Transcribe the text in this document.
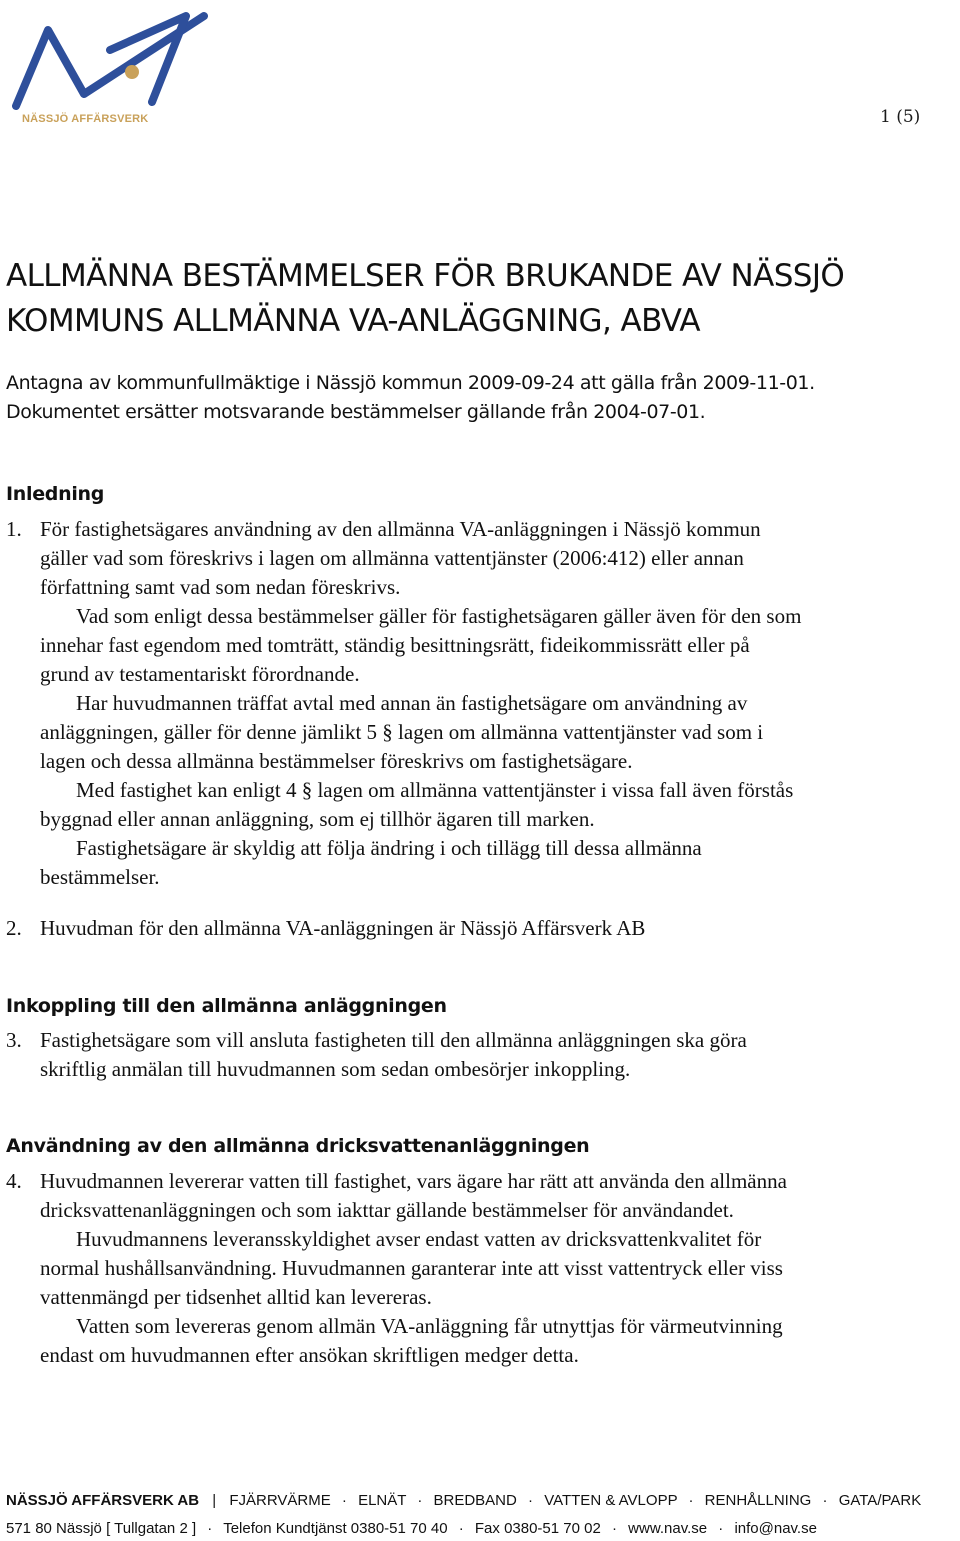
NÄSSJÖ AFFÄRSVERK	1 (5)
ALLMÄNNA BESTÄMMELSER FÖR BRUKANDE AV NÄSSJÖ
KOMMUNS ALLMÄNNA VA-ANLÄGGNING, ABVA
Antagna av kommunfullmäktige i Nässjö kommun 2009-09-24 att gälla från 2009-11-01.
Dokumentet ersätter motsvarande bestämmelser gällande från 2004-07-01.
Inledning
1. För fastighetsägares användning av den allmänna VA-anläggningen i Nässjö kommun
gäller vad som föreskrivs i lagen om allmänna vattentjänster (2006:412) eller annan
författning samt vad som nedan föreskrivs.
Vad som enligt dessa bestämmelser gäller för fastighetsägaren gäller även för den som
innehar fast egendom med tomträtt, ständig besittningsrätt, fideikommissrätt eller på
grund av testamentariskt förordnande.
Har huvudmannen träffat avtal med annan än fastighetsägare om användning av
anläggningen, gäller för denne jämlikt 5 § lagen om allmänna vattentjänster vad som i
lagen och dessa allmänna bestämmelser föreskrivs om fastighetsägare.
Med fastighet kan enligt 4 § lagen om allmänna vattentjänster i vissa fall även förstås
byggnad eller annan anläggning, som ej tillhör ägaren till marken.
Fastighetsägare är skyldig att följa ändring i och tillägg till dessa allmänna
bestämmelser.
2. Huvudman för den allmänna VA-anläggningen är Nässjö Affärsverk AB
Inkoppling till den allmänna anläggningen
3. Fastighetsägare som vill ansluta fastigheten till den allmänna anläggningen ska göra
skriftlig anmälan till huvudmannen som sedan ombesörjer inkoppling.
Användning av den allmänna dricksvattenanläggningen
4. Huvudmannen levererar vatten till fastighet, vars ägare har rätt att använda den allmänna
dricksvattenanläggningen och som iakttar gällande bestämmelser för användandet.
Huvudmannens leveransskyldighet avser endast vatten av dricksvattenkvalitet för
normal hushållsanvändning. Huvudmannen garanterar inte att visst vattentryck eller viss
vattenmängd per tidsenhet alltid kan levereras.
Vatten som levereras genom allmän VA-anläggning får utnyttjas för värmeutvinning
endast om huvudmannen efter ansökan skriftligen medger detta.
NÄSSJÖ AFFÄRSVERK AB | FJÄRRVÄRME · ELNÄT · BREDBAND · VATTEN & AVLOPP · RENHÅLLNING · GATA/PARK
571 80 Nässjö [ Tullgatan 2 ] · Telefon Kundtjänst 0380-51 70 40 · Fax 0380-51 70 02 · www.nav.se · info@nav.se
